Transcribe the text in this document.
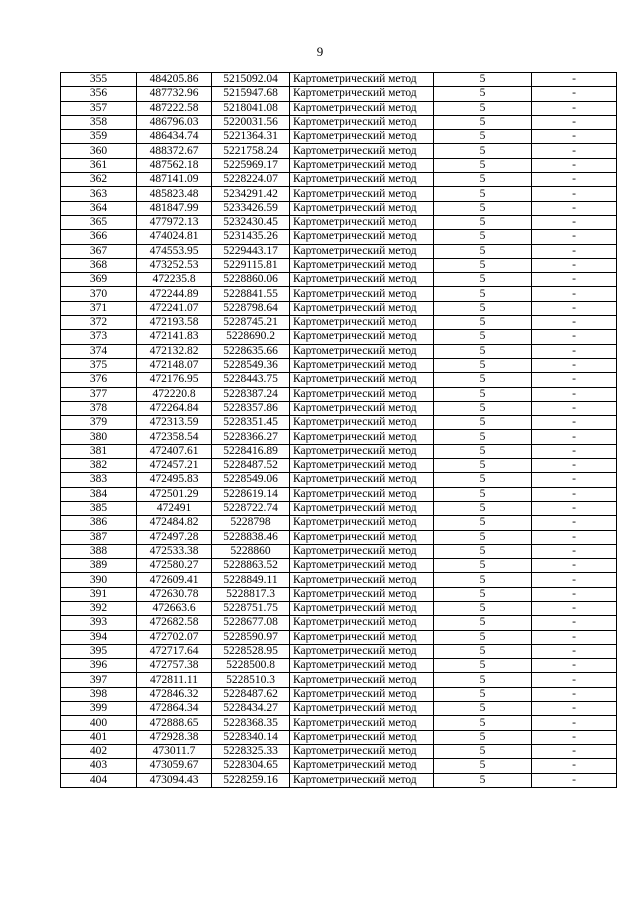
9
355	484205.86	5215092.04	Картометрический метод	5	-
356	487732.96	5215947.68	Картометрический метод	5	-
357	487222.58	5218041.08	Картометрический метод	5	-
358	486796.03	5220031.56	Картометрический метод	5	-
359	486434.74	5221364.31	Картометрический метод	5	-
360	488372.67	5221758.24	Картометрический метод	5	-
361	487562.18	5225969.17	Картометрический метод	5	-
362	487141.09	5228224.07	Картометрический метод	5	-
363	485823.48	5234291.42	Картометрический метод	5	-
364	481847.99	5233426.59	Картометрический метод	5	-
365	477972.13	5232430.45	Картометрический метод	5	-
366	474024.81	5231435.26	Картометрический метод	5	-
367	474553.95	5229443.17	Картометрический метод	5	-
368	473252.53	5229115.81	Картометрический метод	5	-
369	472235.8	5228860.06	Картометрический метод	5	-
370	472244.89	5228841.55	Картометрический метод	5	-
371	472241.07	5228798.64	Картометрический метод	5	-
372	472193.58	5228745.21	Картометрический метод	5	-
373	472141.83	5228690.2	Картометрический метод	5	-
374	472132.82	5228635.66	Картометрический метод	5	-
375	472148.07	5228549.36	Картометрический метод	5	-
376	472176.95	5228443.75	Картометрический метод	5	-
377	472220.8	5228387.24	Картометрический метод	5	-
378	472264.84	5228357.86	Картометрический метод	5	-
379	472313.59	5228351.45	Картометрический метод	5	-
380	472358.54	5228366.27	Картометрический метод	5	-
381	472407.61	5228416.89	Картометрический метод	5	-
382	472457.21	5228487.52	Картометрический метод	5	-
383	472495.83	5228549.06	Картометрический метод	5	-
384	472501.29	5228619.14	Картометрический метод	5	-
385	472491	5228722.74	Картометрический метод	5	-
386	472484.82	5228798	Картометрический метод	5	-
387	472497.28	5228838.46	Картометрический метод	5	-
388	472533.38	5228860	Картометрический метод	5	-
389	472580.27	5228863.52	Картометрический метод	5	-
390	472609.41	5228849.11	Картометрический метод	5	-
391	472630.78	5228817.3	Картометрический метод	5	-
392	472663.6	5228751.75	Картометрический метод	5	-
393	472682.58	5228677.08	Картометрический метод	5	-
394	472702.07	5228590.97	Картометрический метод	5	-
395	472717.64	5228528.95	Картометрический метод	5	-
396	472757.38	5228500.8	Картометрический метод	5	-
397	472811.11	5228510.3	Картометрический метод	5	-
398	472846.32	5228487.62	Картометрический метод	5	-
399	472864.34	5228434.27	Картометрический метод	5	-
400	472888.65	5228368.35	Картометрический метод	5	-
401	472928.38	5228340.14	Картометрический метод	5	-
402	473011.7	5228325.33	Картометрический метод	5	-
403	473059.67	5228304.65	Картометрический метод	5	-
404	473094.43	5228259.16	Картометрический метод	5	-
